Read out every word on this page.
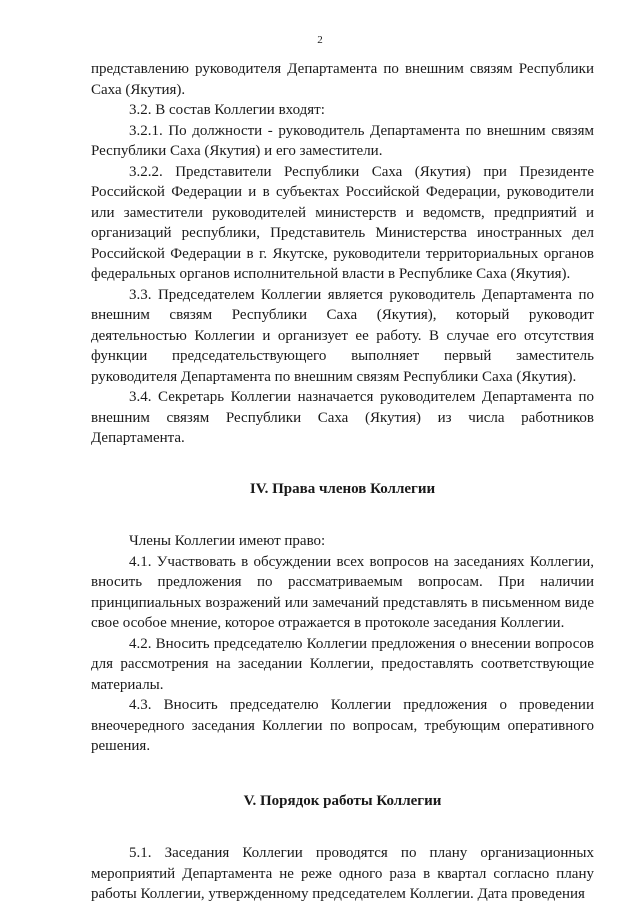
2

представлению руководителя Департамента по внешним связям Республики Саха (Якутия).

3.2. В состав Коллегии входят:

3.2.1. По должности - руководитель Департамента по внешним связям Республики Саха (Якутия) и его заместители.

3.2.2. Представители Республики Саха (Якутия) при Президенте Российской Федерации и в субъектах Российской Федерации, руководители или заместители руководителей министерств и ведомств, предприятий и организаций республики, Представитель Министерства иностранных дел Российской Федерации в г. Якутске, руководители территориальных органов федеральных органов исполнительной власти в Республике Саха (Якутия).

3.3. Председателем Коллегии является руководитель Департамента по внешним связям Республики Саха (Якутия), который руководит деятельностью Коллегии и организует ее работу. В случае его отсутствия функции председательствующего выполняет первый заместитель руководителя Департамента по внешним связям Республики Саха (Якутия).

3.4. Секретарь Коллегии назначается руководителем Департамента по внешним связям Республики Саха (Якутия) из числа работников Департамента.

IV. Права членов Коллегии

Члены Коллегии имеют право:

4.1. Участвовать в обсуждении всех вопросов на заседаниях Коллегии, вносить предложения по рассматриваемым вопросам. При наличии принципиальных возражений или замечаний представлять в письменном виде свое особое мнение, которое отражается в протоколе заседания Коллегии.

4.2. Вносить председателю Коллегии предложения о внесении вопросов для рассмотрения на заседании Коллегии, предоставлять соответствующие материалы.

4.3. Вносить председателю Коллегии предложения о проведении внеочередного заседания Коллегии по вопросам, требующим оперативного решения.

V. Порядок работы Коллегии

5.1. Заседания Коллегии проводятся по плану организационных мероприятий Департамента не реже одного раза в квартал согласно плану работы Коллегии, утвержденному председателем Коллегии. Дата проведения
